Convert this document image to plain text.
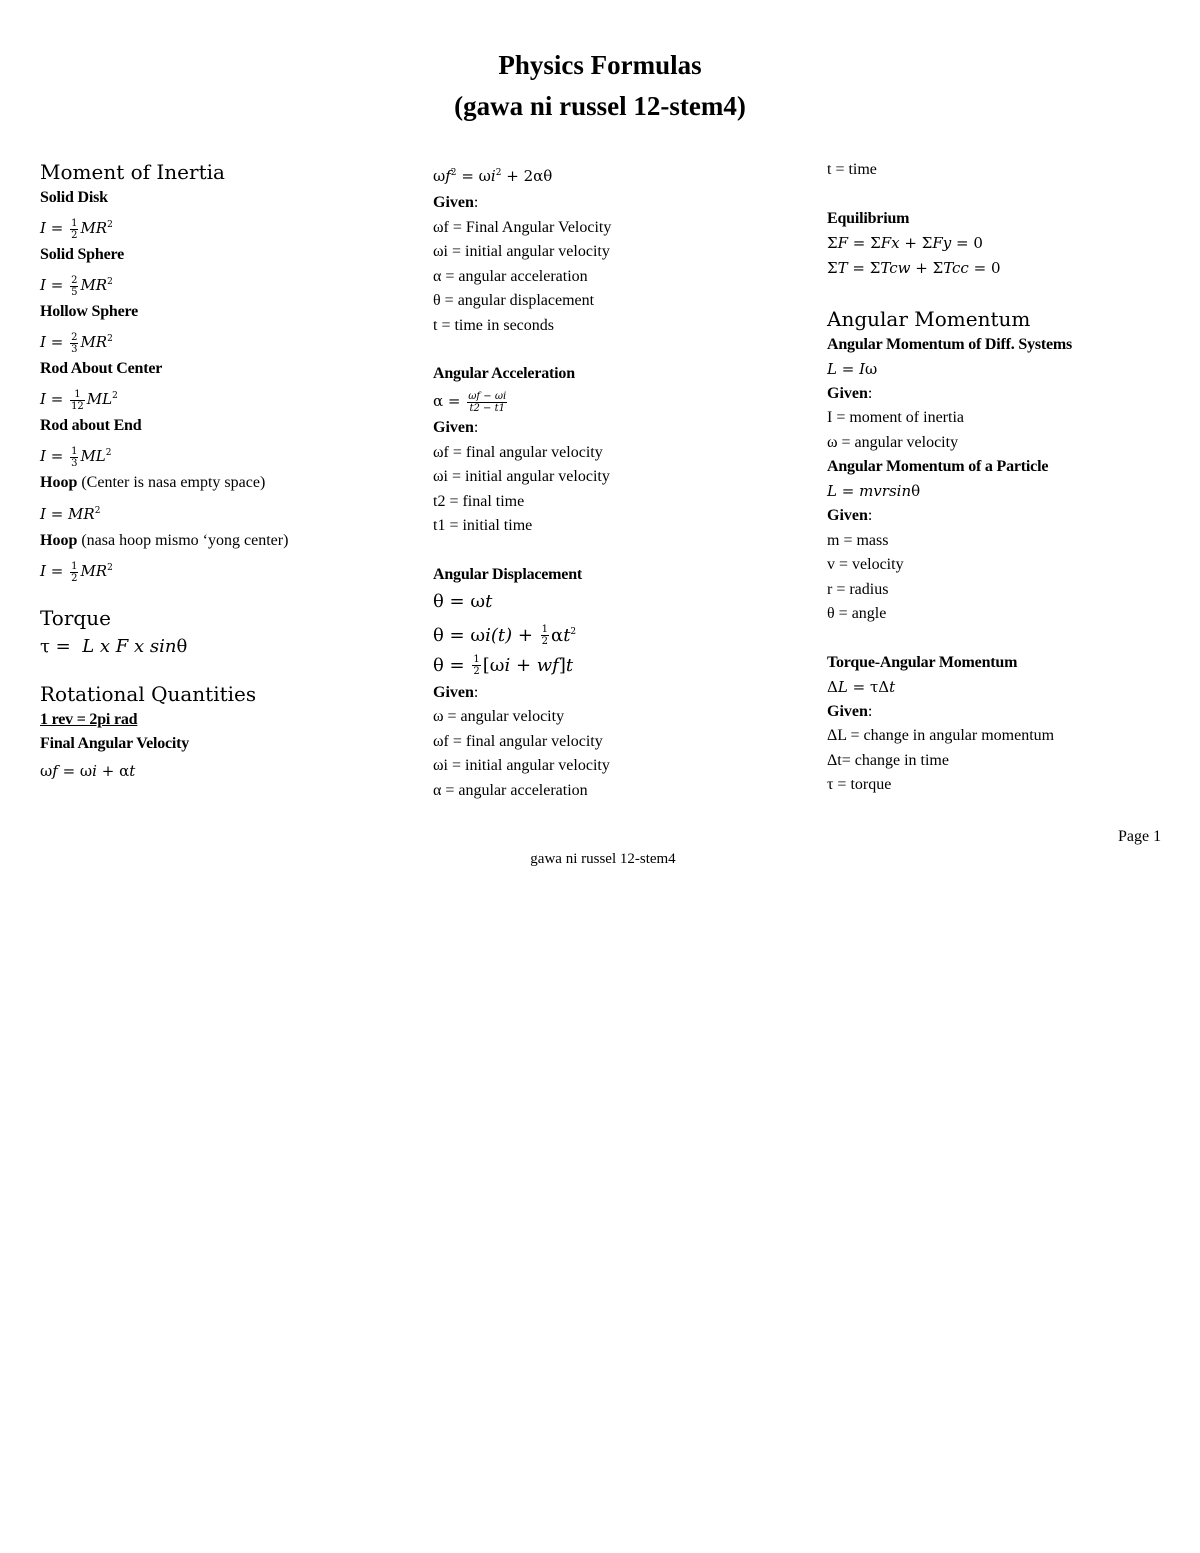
Physics Formulas
(gawa ni russel 12-stem4)
Moment of Inertia
Solid Disk
$I = \frac{1}{2} MR^2$
Solid Sphere
$I = \frac{2}{5} MR^2$
Hollow Sphere
$I = \frac{2}{3} MR^2$
Rod About Center
$I = \frac{1}{12} ML^2$
Rod about End
$I = \frac{1}{3} ML^2$
Hoop (Center is nasa empty space)
$I = MR^2$
Hoop (nasa hoop mismo ‘yong center)
$I = \frac{1}{2} MR^2$
Torque
τ =  L x F x sinθ
Rotational Quantities
1 rev = 2pi rad
Final Angular Velocity
ωf = ωi + αt
$\omega f^2 = \omega i^2 + 2\alpha\theta$
Given:
ωf = Final Angular Velocity
ωi = initial angular velocity
α = angular acceleration
θ = angular displacement
t = time in seconds
Angular Acceleration
$\alpha = \frac{\omega f - \omega i}{t2 - t1}$
Given:
ωf = final angular velocity
ωi = initial angular velocity
t2 = final time
t1 = initial time
Angular Displacement
θ = ωt
$\theta = \omega i(t) + \frac{1}{2} \alpha t^2$
$\theta = \frac{1}{2} [\omega i + wf]t$
Given:
ω = angular velocity
ωf = final angular velocity
ωi = initial angular velocity
α = angular acceleration
t = time
Equilibrium
ΣF = ΣFx + ΣFy = 0
ΣT = ΣTcw + ΣTcc = 0
Angular Momentum
Angular Momentum of Diff. Systems
L = Iω
Given:
I = moment of inertia
ω = angular velocity
Angular Momentum of a Particle
L = mvrsinθ
Given:
m = mass
v = velocity
r = radius
θ = angle
Torque-Angular Momentum
ΔL = τΔt
Given:
ΔL = change in angular momentum
Δt= change in time
τ = torque
Page 1
gawa ni russel 12-stem4
